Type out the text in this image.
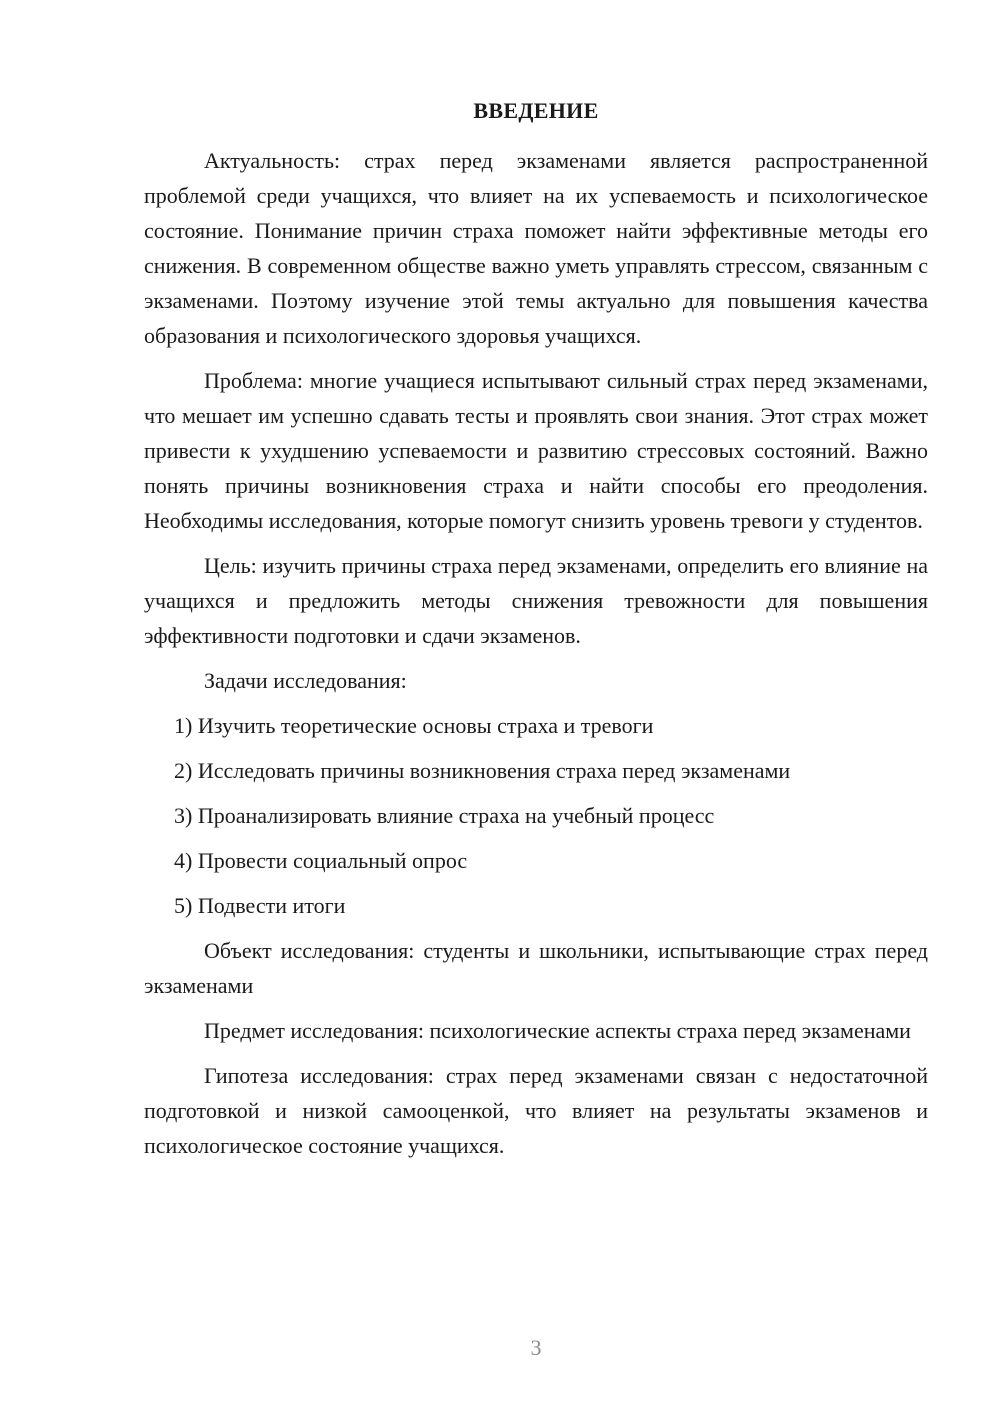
ВВЕДЕНИЕ

Актуальность: страх перед экзаменами является распространенной проблемой среди учащихся, что влияет на их успеваемость и психологическое состояние. Понимание причин страха поможет найти эффективные методы его снижения. В современном обществе важно уметь управлять стрессом, связанным с экзаменами. Поэтому изучение этой темы актуально для повышения качества образования и психологического здоровья учащихся.

Проблема: многие учащиеся испытывают сильный страх перед экзаменами, что мешает им успешно сдавать тесты и проявлять свои знания. Этот страх может привести к ухудшению успеваемости и развитию стрессовых состояний. Важно понять причины возникновения страха и найти способы его преодоления. Необходимы исследования, которые помогут снизить уровень тревоги у студентов.

Цель: изучить причины страха перед экзаменами, определить его влияние на учащихся и предложить методы снижения тревожности для повышения эффективности подготовки и сдачи экзаменов.

Задачи исследования:

1) Изучить теоретические основы страха и тревоги
2) Исследовать причины возникновения страха перед экзаменами
3) Проанализировать влияние страха на учебный процесс
4) Провести социальный опрос
5) Подвести итоги

Объект исследования: студенты и школьники, испытывающие страх перед экзаменами

Предмет исследования: психологические аспекты страха перед экзаменами

Гипотеза исследования: страх перед экзаменами связан с недостаточной подготовкой и низкой самооценкой, что влияет на результаты экзаменов и психологическое состояние учащихся.

3
